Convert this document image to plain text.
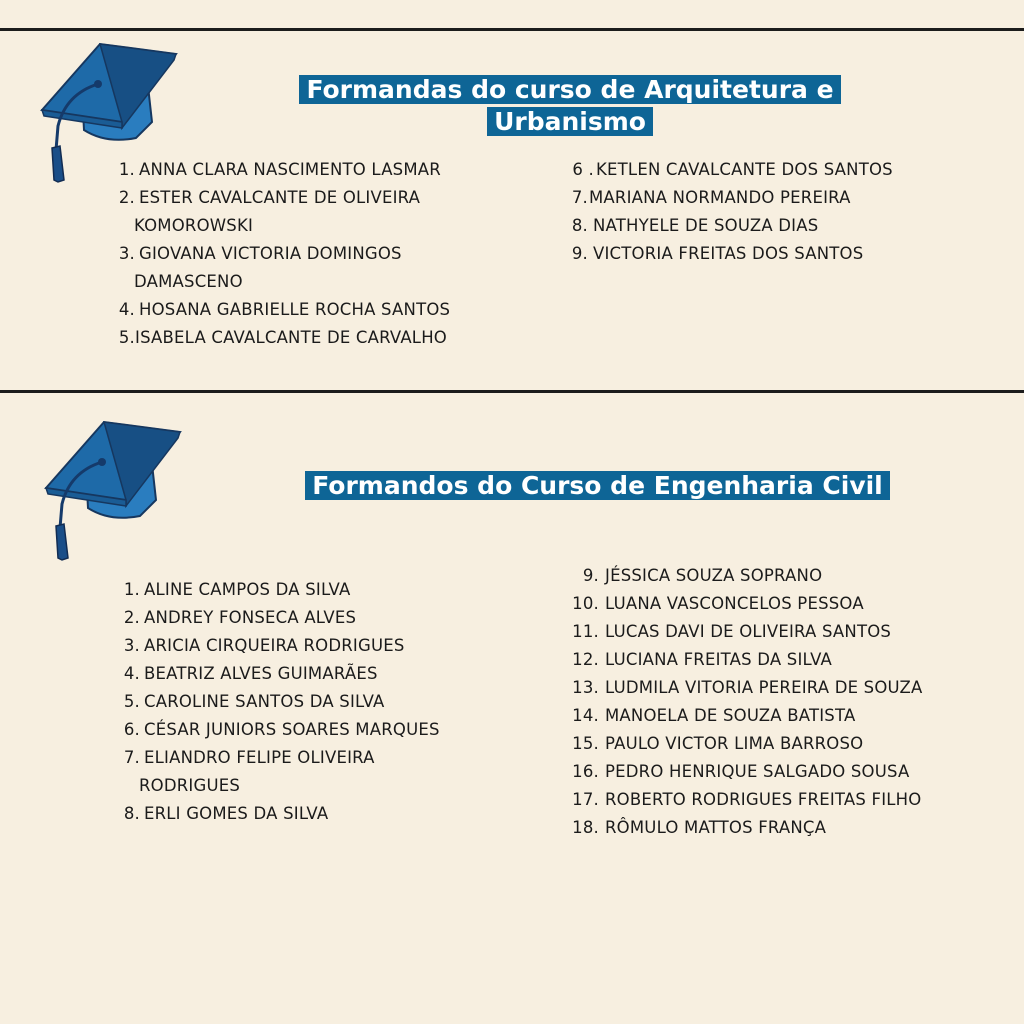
Formandas do curso de Arquitetura e
Urbanismo
1. ANNA CLARA NASCIMENTO LASMAR
2. ESTER CAVALCANTE DE OLIVEIRA
KOMOROWSKI
3. GIOVANA VICTORIA DOMINGOS
DAMASCENO
4. HOSANA GABRIELLE ROCHA SANTOS
5. ISABELA CAVALCANTE DE CARVALHO
6 . KETLEN CAVALCANTE DOS SANTOS
7. MARIANA NORMANDO PEREIRA
8. NATHYELE DE SOUZA DIAS
9. VICTORIA FREITAS DOS SANTOS
Formandos do Curso de Engenharia Civil
1. ALINE CAMPOS DA SILVA
2. ANDREY FONSECA ALVES
3. ARICIA CIRQUEIRA RODRIGUES
4. BEATRIZ ALVES GUIMARÃES
5. CAROLINE SANTOS DA SILVA
6. CÉSAR JUNIORS SOARES MARQUES
7. ELIANDRO FELIPE OLIVEIRA
RODRIGUES
8. ERLI GOMES DA SILVA
9. JÉSSICA SOUZA SOPRANO
10. LUANA VASCONCELOS PESSOA
11. LUCAS DAVI DE OLIVEIRA SANTOS
12. LUCIANA FREITAS DA SILVA
13. LUDMILA VITORIA PEREIRA DE SOUZA
14. MANOELA DE SOUZA BATISTA
15. PAULO VICTOR LIMA BARROSO
16. PEDRO HENRIQUE SALGADO SOUSA
17. ROBERTO RODRIGUES FREITAS FILHO
18. RÔMULO MATTOS FRANÇA
